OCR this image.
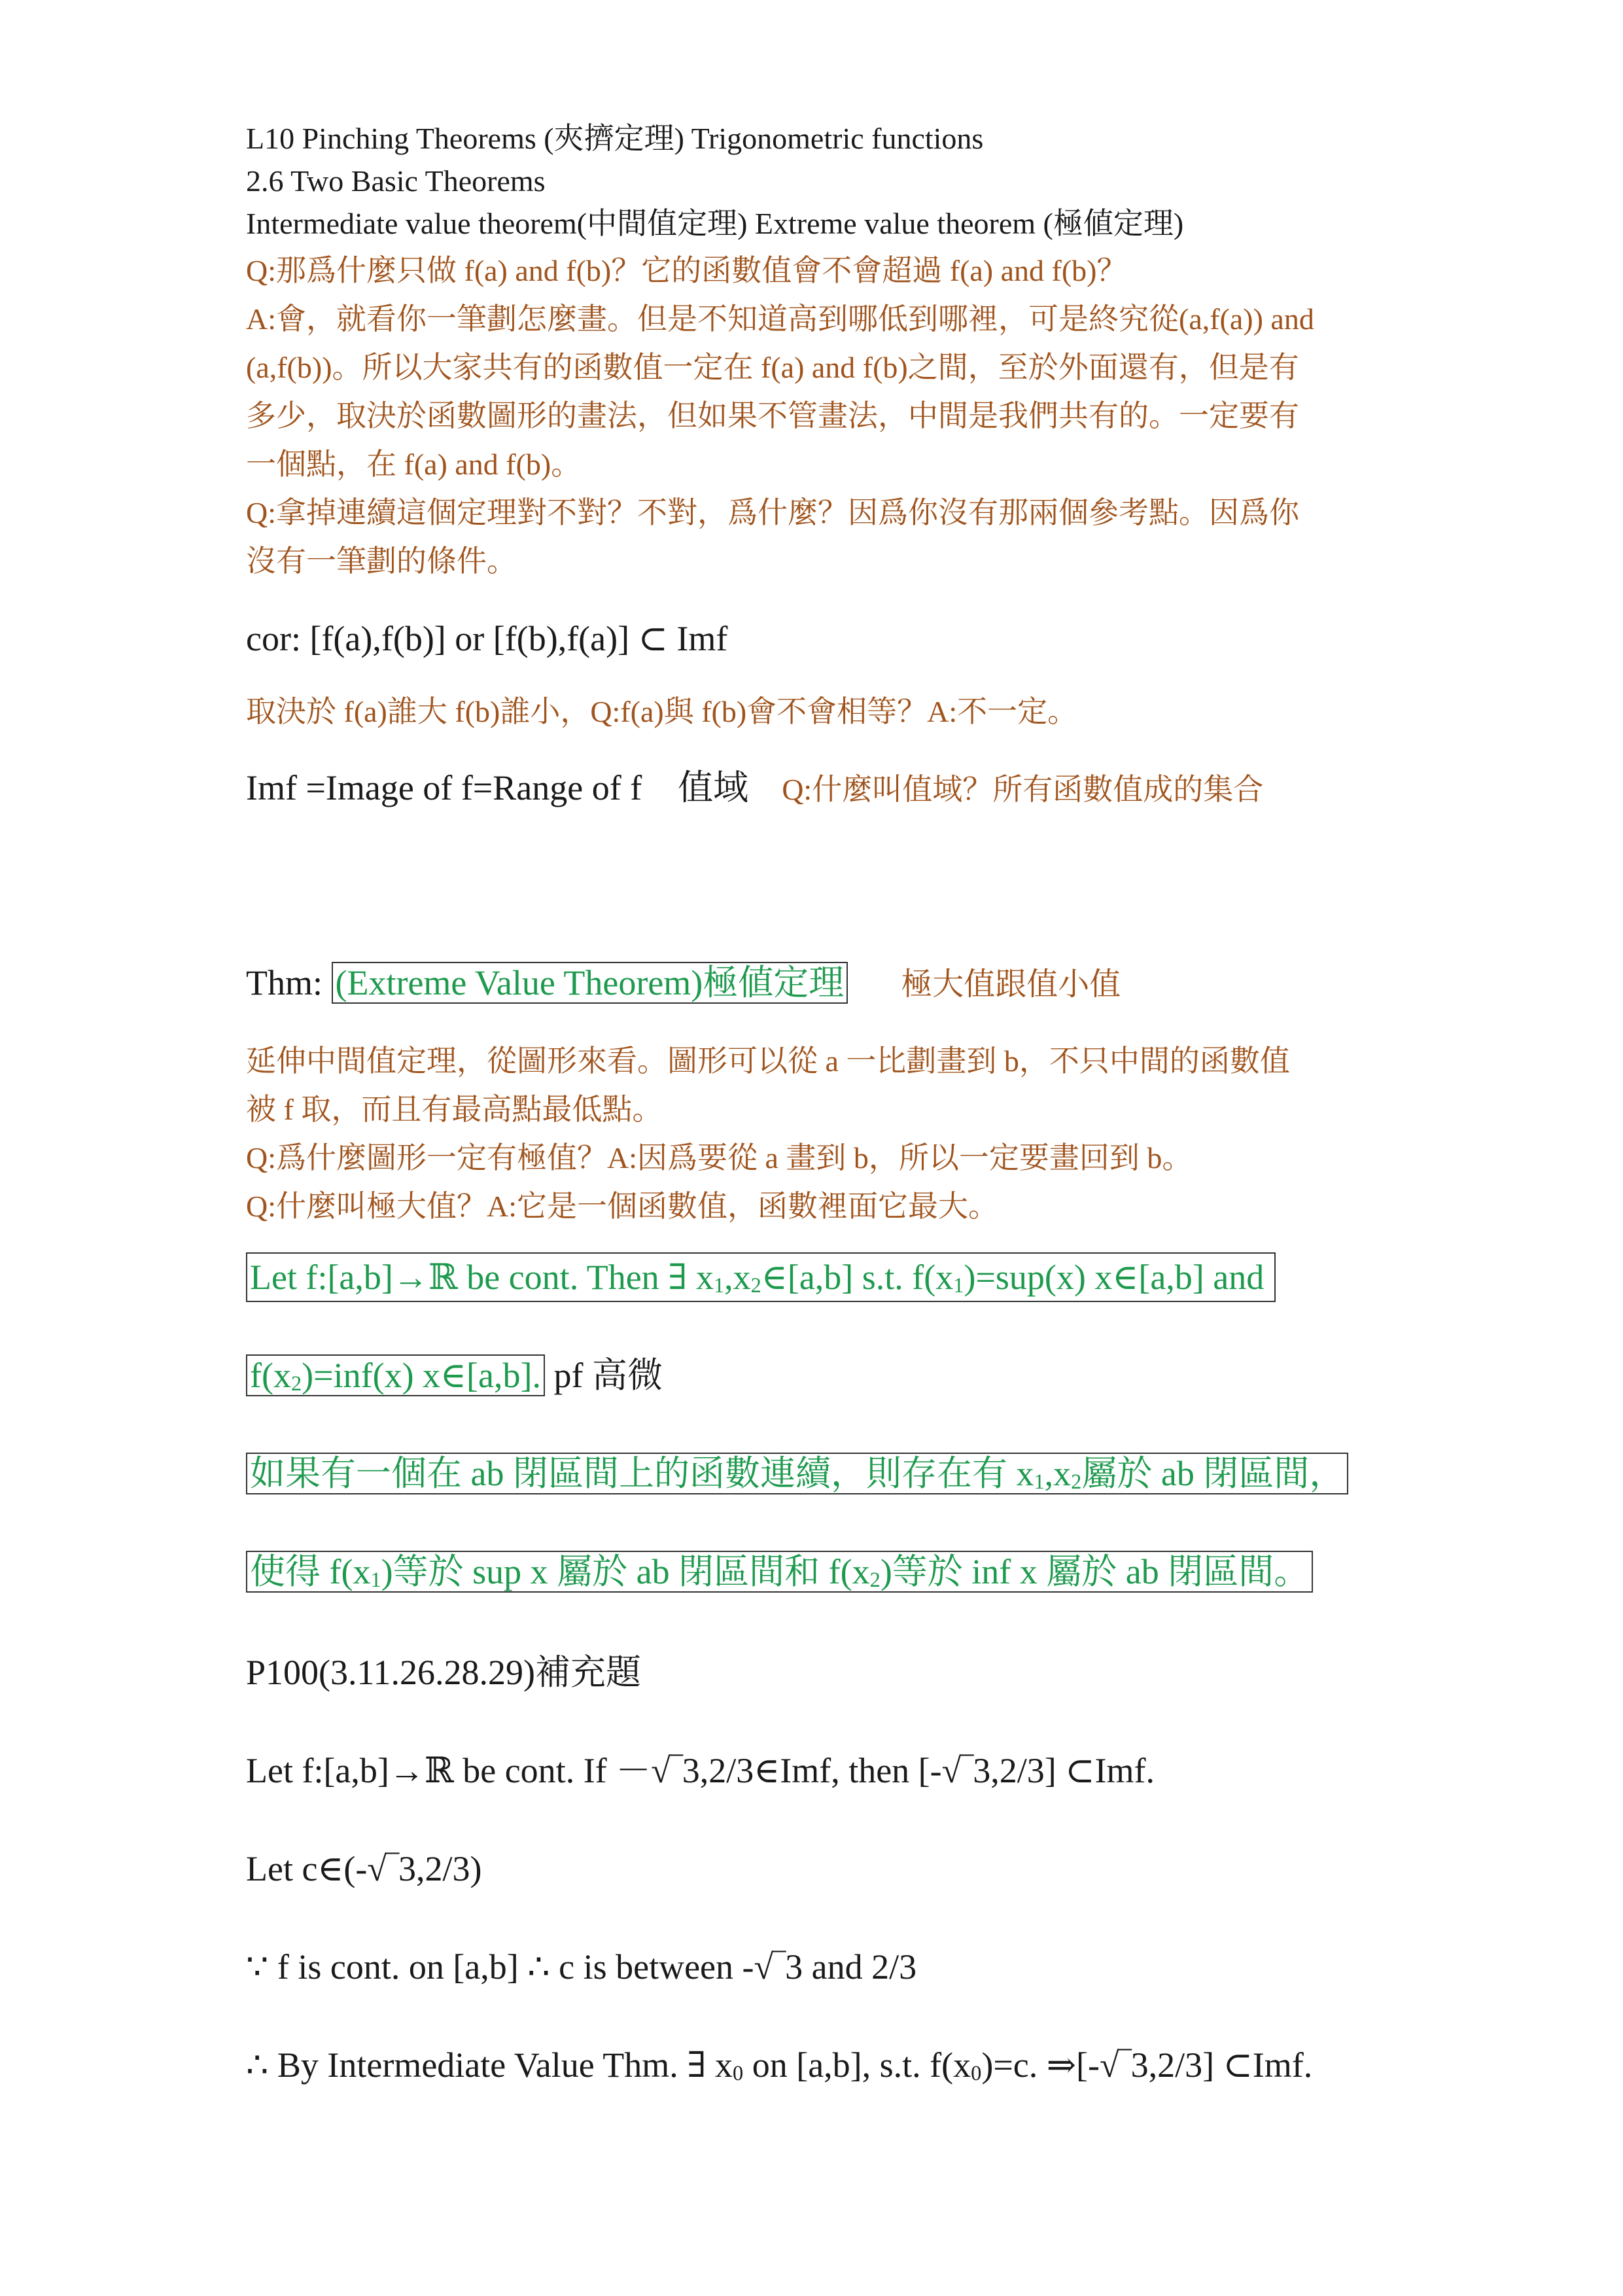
L10 Pinching Theorems (夾擠定理) Trigonometric functions

2.6 Two Basic Theorems

Intermediate value theorem(中間值定理) Extreme value theorem (極値定理)

Q:那爲什麼只做 f(a) and f(b)？它的函數值會不會超過 f(a) and f(b)？

A:會，就看你一筆劃怎麼畫。但是不知道高到哪低到哪裡，可是終究從(a,f(a)) and

(a,f(b))。所以大家共有的函數值一定在 f(a) and f(b)之間，至於外面還有，但是有

多少，取決於函數圖形的畫法，但如果不管畫法，中間是我們共有的。一定要有

一個點，在 f(a) and f(b)。

Q:拿掉連續這個定理對不對？不對，爲什麼？因爲你沒有那兩個參考點。因爲你

沒有一筆劃的條件。

cor: [f(a),f(b)] or [f(b),f(a)] ⊂ Imf

取決於 f(a)誰大 f(b)誰小，Q:f(a)與 f(b)會不會相等？A:不一定。

Imf =Image of f=Range of f 值域 Q:什麼叫值域？所有函數值成的集合

Thm: (Extreme Value Theorem)極値定理 極大值跟值小值

延伸中間值定理，從圖形來看。圖形可以從 a 一比劃畫到 b，不只中間的函數值

被 f 取，而且有最高點最低點。

Q:爲什麼圖形一定有極值？A:因爲要從 a 畫到 b，所以一定要畫回到 b。

Q:什麼叫極大值？A:它是一個函數值，函數裡面它最大。

Let f:[a,b]→ℝ be cont. Then ∃ $x_1,x_2\in[a,b]$ s.t. $f(x_1)=sup(x)$ x∈[a,b] and

$f(x_2)=inf(x)$ x∈[a,b]. pf 高微

如果有一個在 ab 閉區間上的函數連續，則存在有 $x_1,x_2$屬於 ab 閉區間，

使得 $f(x_1)$等於 sup x 屬於 ab 閉區間和 $f(x_2)$等於 inf x 屬於 ab 閉區間。

P100(3.11.26.28.29)補充題

Let f:[a,b]→ℝ be cont. If －√‾3,2/3∈Imf, then [-√‾3,2/3] ⊂Imf.

Let c∈(-√‾3,2/3)

∵ f is cont. on [a,b] ∴ c is between -√‾3 and 2/3

∴ By Intermediate Value Thm. ∃ $x_0$ on [a,b], s.t. $f(x_0)=c$. ⇒[-√‾3,2/3] ⊂Imf.
